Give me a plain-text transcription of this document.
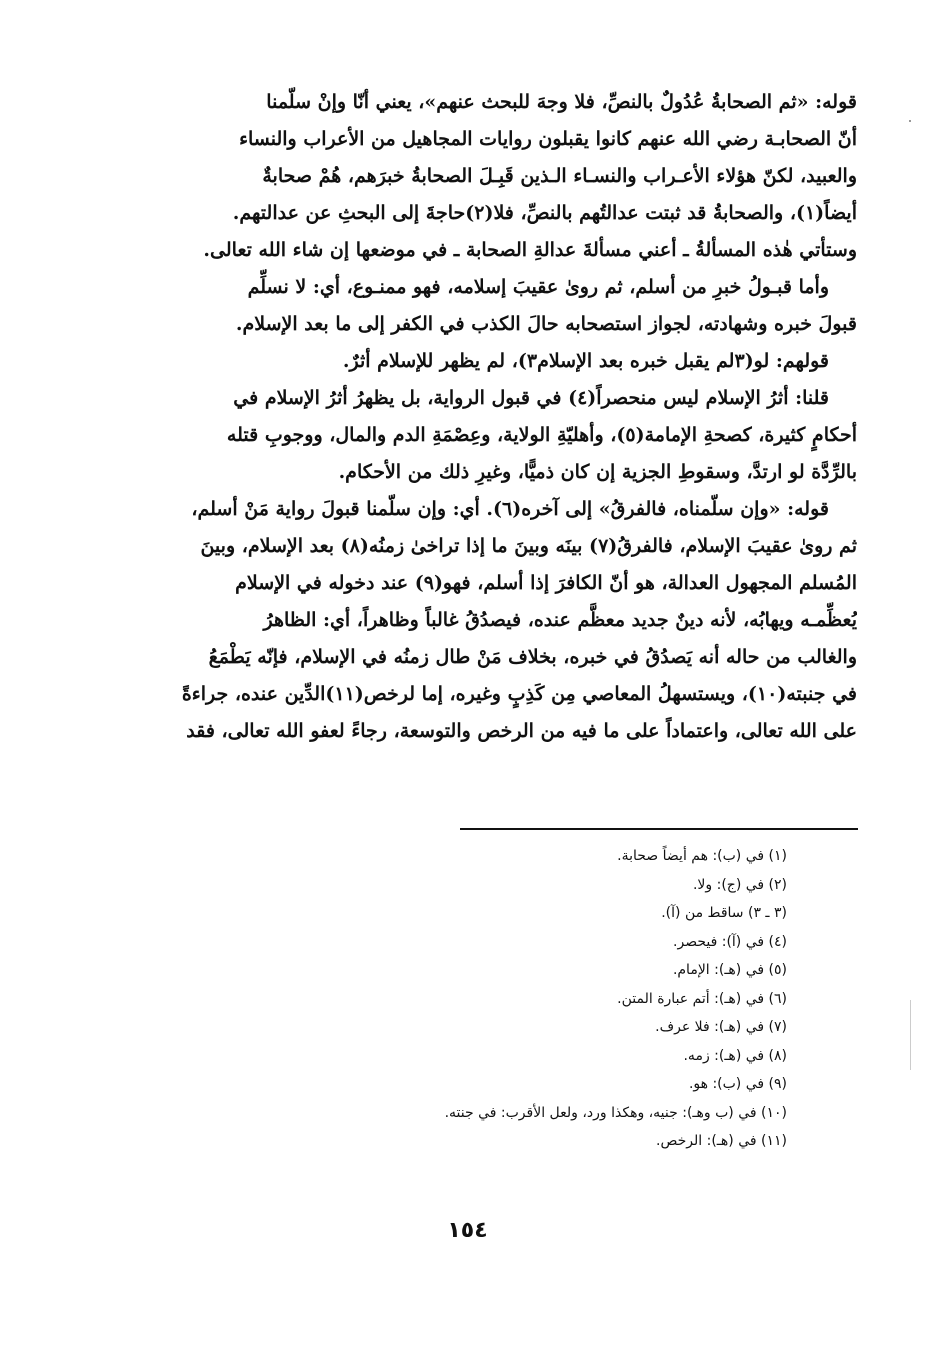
قوله: «ثم الصحابةُ عُدُولٌ بالنصِّ، فلا وجهَ للبحث عنهم»، يعني أنّا وإنْ سلّمنا
أنّ الصحابـة رضي الله عنهم كانوا يقبلون روايات المجاهيل من الأعراب والنساء
والعبيد، لكنّ هؤلاء الأعـراب والنسـاء الـذين قَبِـلَ الصحابةُ خبرَهم، هُمْ صحابةٌ
أيضاً(١)، والصحابةُ قد ثبتت عدالتُهم بالنصِّ، فلا(٢)حاجةَ إلى البحثِ عن عدالتهم.
وستأتي هٰذه المسألةُ ـ أعني مسألةَ عدالةِ الصحابة ـ في موضعها إن شاء الله تعالى.
وأما قبـولُ خبرِ من أسلم، ثم روىٰ عقيبَ إسلامه، فهو ممنـوع، أي: لا نسلِّم
قبولَ خبره وشهادته، لجواز استصحابه حالَ الكذب في الكفر إلى ما بعد الإسلام.
قولهم: لو(٣لم يقبل خبره بعد الإسلام٣)، لم يظهر للإسلام أثرٌ.
قلنا: أثرُ الإسلام ليس منحصراً(٤) في قبول الرواية، بل يظهرُ أثرُ الإسلام في
أحكامٍ كثيرة، كصحةِ الإمامة(٥)، وأهليّةِ الولاية، وعِصْمَةِ الدم والمال، ووجوبِ قتله
بالرِّدَّة لو ارتدَّ، وسقوطِ الجزية إن كان ذميًّا، وغيرِ ذلك من الأحكام.
قوله: «وإن سلّمناه، فالفرقُ» إلى آخره(٦). أي: وإن سلّمنا قبولَ رواية مَنْ أسلم،
ثم روىٰ عقيبَ الإسلام، فالفرقُ(٧) بينَه وبينَ ما إذا تراخىٰ زمنُه(٨) بعد الإسلام، وبينَ
المُسلم المجهول العدالة، هو أنّ الكافرَ إذا أسلم، فهو(٩) عند دخوله في الإسلام
يُعظِّمـه ويهابُه، لأنه دينٌ جديد معظَّم عنده، فيصدُقُ غالباً وظاهراً، أي: الظاهرُ
والغالب من حاله أنه يَصدُقُ في خبره، بخلاف مَنْ طال زمنُه في الإسلام، فإنّه يَطْمَعُ
في جنبته(١٠)، ويستسهلُ المعاصي مِن كَذِبٍ وغيره، إما لرخص(١١)الدِّين عنده، جراءةً
على الله تعالى، واعتماداً على ما فيه من الرخص والتوسعة، رجاءً لعفو الله تعالى، فقد
(١) في (ب): هم أيضاً صحابة.
(٢) في (ج): ولا.
(٣ ـ ٣) ساقط من (آ).
(٤) في (آ): فيحصر.
(٥) في (هـ): الإمام.
(٦) في (هـ): أتم عبارة المتن.
(٧) في (هـ): فلا عرف.
(٨) في (هـ): زمه.
(٩) في (ب): هو.
(١٠) في (ب وهـ): جنيه، وهكذا ورد، ولعل الأقرب: في جنته.
(١١) في (هـ): الرخص.
١٥٤
